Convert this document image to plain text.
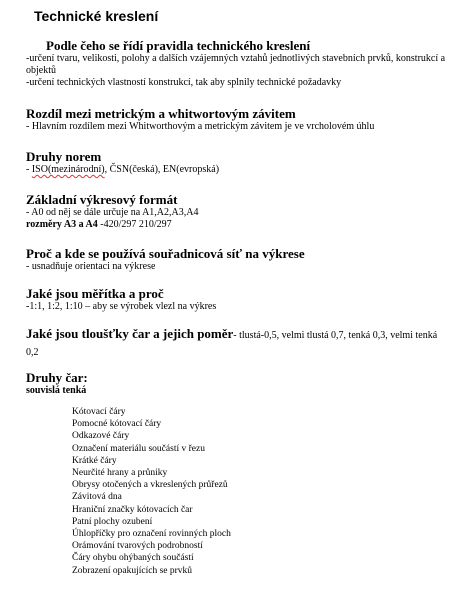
Technické kreslení
Podle čeho se řídí pravidla technického kreslení
-určení tvaru, velikosti, polohy a dalších vzájemných vztahů jednotlivých stavebních prvků, konstrukcí a objektů
-určení technických vlastností konstrukcí, tak aby splnily technické požadavky
Rozdíl mezi metrickým a whitwortovým závitem
- Hlavním rozdílem mezi Whitworthovým a metrickým závitem je ve vrcholovém úhlu
Druhy norem
- ISO(mezinárodní), ČSN(česká), EN(evropská)
Základní výkresový formát
- A0 od něj se dále určuje na A1,A2,A3,A4
rozměry A3 a A4 -420/297 210/297
Proč a kde se používá souřadnicová síť na výkrese
- usnadňuje orientaci na výkrese
Jaké jsou měřítka a proč
-1:1, 1:2, 1:10 – aby se výrobek vlezl na výkres
Jaké jsou tloušťky čar a jejich poměr- tlustá-0,5, velmi tlustá 0,7, tenká 0,3, velmi tenká 0,2
Druhy čar:
souvislá tenká
Kótovací čáry
Pomocné kótovací čáry
Odkazové čáry
Označení materiálu součástí v řezu
Krátké čáry
Neurčité hrany a průniky
Obrysy otočených a vkreslených průřezů
Závitová dna
Hraniční značky kótovacích čar
Patní plochy ozubení
Úhlopříčky pro označení rovinných ploch
Orámování tvarových podrobností
Čáry ohybu ohýbaných součástí
Zobrazení opakujících se prvků
